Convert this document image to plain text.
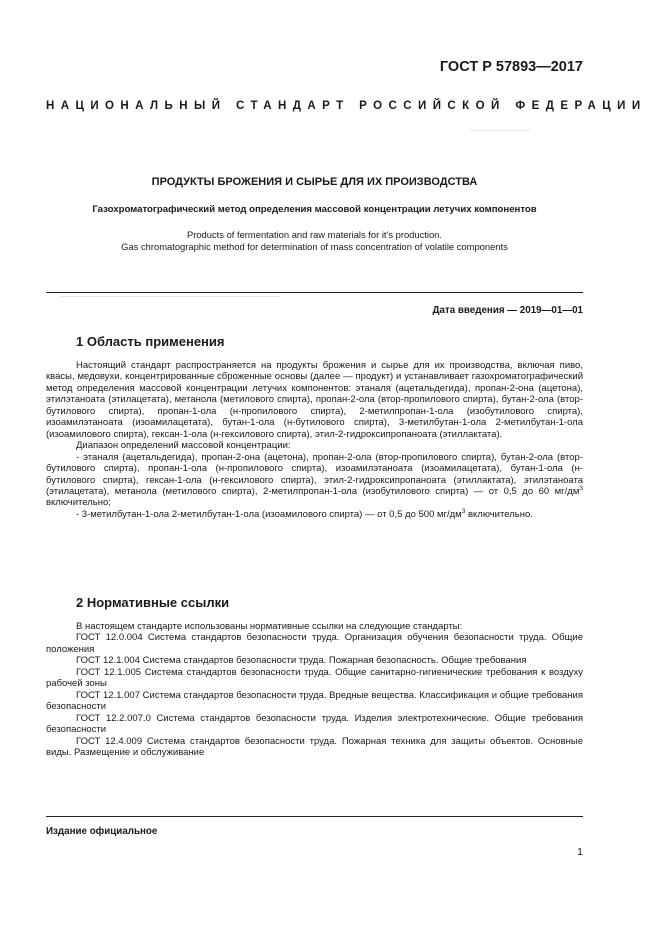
ГОСТ Р 57893—2017
НАЦИОНАЛЬНЫЙ СТАНДАРТ РОССИЙСКОЙ ФЕДЕРАЦИИ
ПРОДУКТЫ БРОЖЕНИЯ И СЫРЬЕ ДЛЯ ИХ ПРОИЗВОДСТВА
Газохроматографический метод определения массовой концентрации летучих компонентов
Products of fermentation and raw materials for it's production.
Gas chromatographic method for determination of mass concentration of volatile components
Дата введения — 2019—01—01
1 Область применения

Настоящий стандарт распространяется на продукты брожения и сырье для их производства, включая пиво, квасы, медовухи, концентрированные сброженные основы (далее — продукт) и устанавливает газохроматографический метод определения массовой концентрации летучих компонентов: этаналя (ацетальдегида), пропан-2-она (ацетона), этилэтаноата (этилацетата), метанола (метилового спирта), пропан-2-ола (втор-пропилового спирта), бутан-2-ола (втор-бутилового спирта), пропан-1-ола (н-пропилового спирта), 2-метилпропан-1-ола (изобутилового спирта), изоамилэтаноата (изоамилацетата), бутан-1-ола (н-бутилового спирта), 3-метилбутан-1-ола 2-метилбутан-1-ола (изоамилового спирта), гексан-1-ола (н-гексилового спирта), этил-2-гидроксипропаноата (этиллактата).

Диапазон определений массовой концентрации:

- этаналя (ацетальдегида), пропан-2-она (ацетона), пропан-2-ола (втор-пропилового спирта), бутан-2-ола (втор-бутилового спирта), пропан-1-ола (н-пропилового спирта), изоамилэтаноата (изоамилацетата), бутан-1-ола (н-бутилового спирта), гексан-1-ола (н-гексилового спирта), этил-2-гидроксипропаноата (этиллактата), этилэтаноата (этилацетата), метанола (метилового спирта), 2-метилпропан-1-ола (изобутилового спирта) — от 0,5 до 60 $мг/дм^3$ включительно;

- 3-метилбутан-1-ола 2-метилбутан-1-ола (изоамилового спирта) — от 0,5 до 500 $мг/дм^3$ включительно.

2 Нормативные ссылки

В настоящем стандарте использованы нормативные ссылки на следующие стандарты:

ГОСТ 12.0.004 Система стандартов безопасности труда. Организация обучения безопасности труда. Общие положения

ГОСТ 12.1.004 Система стандартов безопасности труда. Пожарная безопасность. Общие требования

ГОСТ 12.1.005 Система стандартов безопасности труда. Общие санитарно-гигиенические требования к воздуху рабочей зоны

ГОСТ 12.1.007 Система стандартов безопасности труда. Вредные вещества. Классификация и общие требования безопасности

ГОСТ 12.2.007.0 Система стандартов безопасности труда. Изделия электротехнические. Общие требования безопасности

ГОСТ 12.4.009 Система стандартов безопасности труда. Пожарная техника для защиты объектов. Основные виды. Размещение и обслуживание

Издание официальное
1
